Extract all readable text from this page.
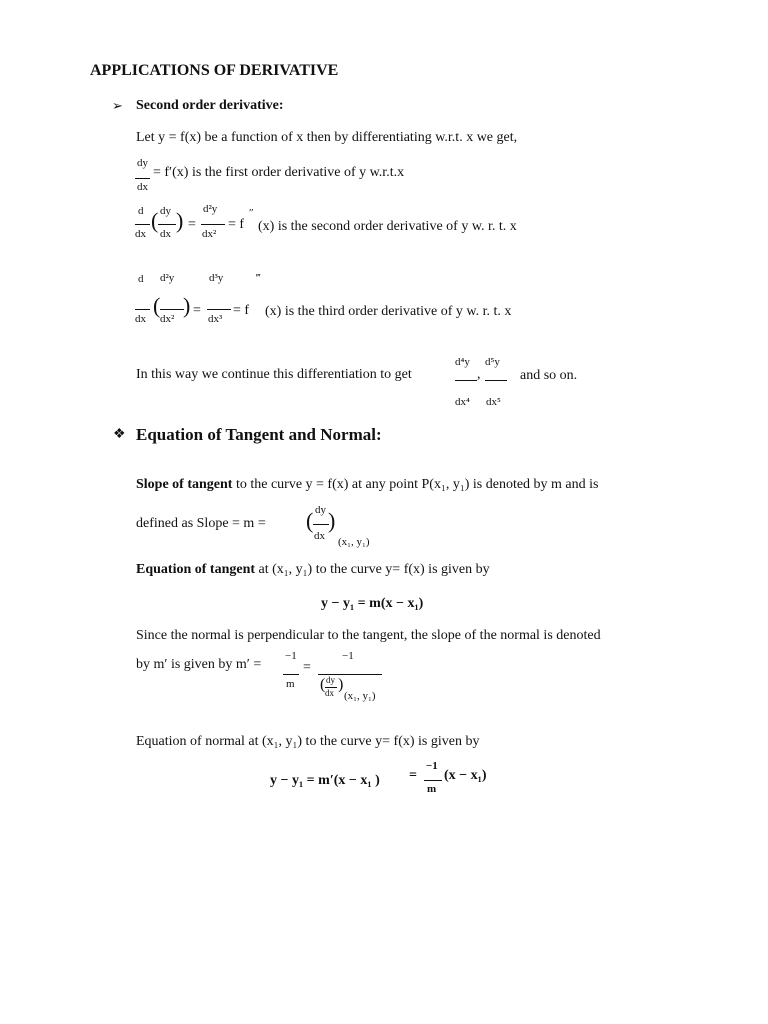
APPLICATIONS OF DERIVATIVE
➢ Second order derivative:
Let y = f(x) be a function of x then by differentiating w.r.t. x we get,
dy
dx
= f′(x) is the first order derivative of y w.r.t.x
d
dx
( dy
dx
) =
d²y
dx²
= f
″
(x) is the second order derivative of y w. r. t. x
d
dx
(
d²y
dx²
) =
d³y
dx³
= f
‴
(x) is the third order derivative of y w. r. t. x
In this way we continue this differentiation to get
d⁴y
dx⁴
,
d⁵y
dx⁵
and so on.
❖ Equation of Tangent and Normal:
Slope of tangent to the curve y = f(x) at any point P(x₁, y₁) is denoted by m and is
defined as Slope = m = ( dy
dx
)
(x₁, y₁)
Equation of tangent at (x₁, y₁) to the curve y= f(x) is given by
y − y₁ = m(x − x₁)
Since the normal is perpendicular to the tangent, the slope of the normal is denoted
by m′ is given by m′ =
−1
m
=
−1
( dy
dx )
(x₁, y₁)
Equation of normal at (x₁, y₁) to the curve y= f(x) is given by
y − y₁ = m′(x − x₁ ) =
−1
m
(x − x₁)
